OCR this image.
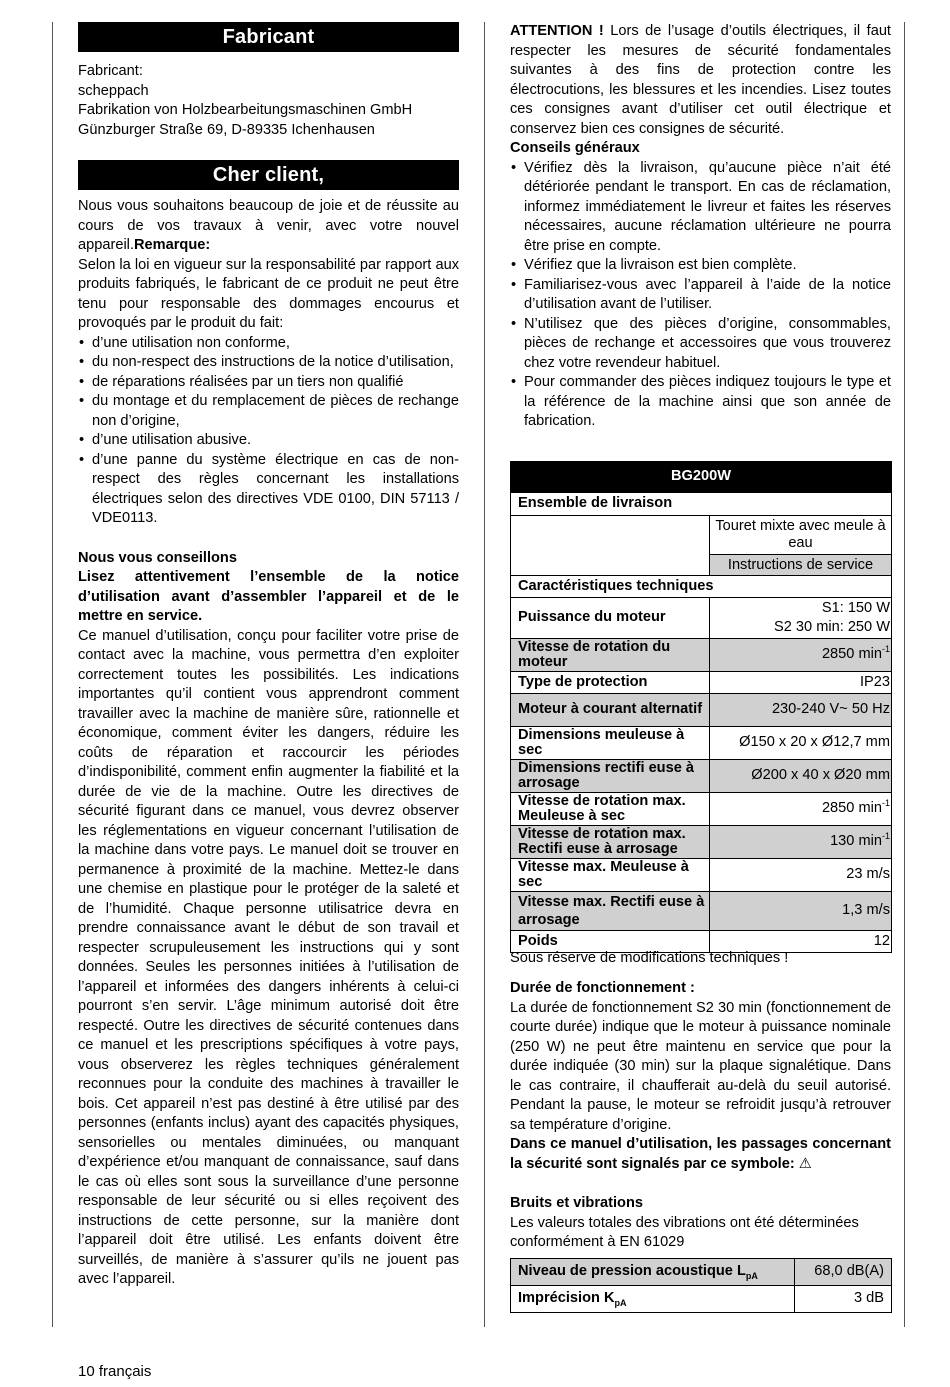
Fabricant
Fabricant:
scheppach
Fabrikation von Holzbearbeitungsmaschinen GmbH
Günzburger Straße 69, D-89335 Ichenhausen
Cher client,

Nous vous souhaitons beaucoup de joie et de réussite au cours de vos travaux à venir, avec votre nouvel appareil.Remarque:

Selon la loi en vigueur sur la responsabilité par rapport aux produits fabriqués, le fabricant de ce produit ne peut être tenu pour responsable des dommages encourus et provoqués par le produit du fait:

• d’une utilisation non conforme,
• du non-respect des instructions de la notice d’utilisation,
• de réparations réalisées par un tiers non qualifié
• du montage et du remplacement de pièces de rechange non d’origine,
• d’une utilisation abusive.
• d’une panne du système électrique en cas de non-respect des règles concernant les installations électriques selon des directives VDE 0100, DIN 57113 / VDE0113.

Nous vous conseillons

Lisez attentivement l’ensemble de la notice d’utilisation avant d’assembler l’appareil et de le mettre en service.

Ce manuel d’utilisation, conçu pour faciliter votre prise de contact avec la machine, vous permettra d’en exploiter correctement toutes les possibilités. Les indications importantes qu’il contient vous apprendront comment travailler avec la machine de manière sûre, rationnelle et économique, comment éviter les dangers, réduire les coûts de réparation et raccourcir les périodes d’indisponibilité, comment enfin augmenter la fiabilité et la durée de vie de la machine. Outre les directives de sécurité figurant dans ce manuel, vous devrez observer les réglementations en vigueur concernant l’utilisation de la machine dans votre pays. Le manuel doit se trouver en permanence à proximité de la machine. Mettez-le dans une chemise en plastique pour le protéger de la saleté et de l’humidité. Chaque personne utilisatrice devra en prendre connaissance avant le début de son travail et respecter scrupuleusement les instructions qui y sont données. Seules les personnes initiées à l’utilisation de l’appareil et informées des dangers inhérents à celui-ci pourront s’en servir. L’âge minimum autorisé doit être respecté. Outre les directives de sécurité contenues dans ce manuel et les prescriptions spécifiques à votre pays, vous observerez les règles techniques généralement reconnues pour la conduite des machines à travailler le bois. Cet appareil n’est pas destiné à être utilisé par des personnes (enfants inclus) ayant des capacités physiques, sensorielles ou mentales diminuées, ou manquant d’expérience et/ou manquant de connaissance, sauf dans le cas où elles sont sous la surveillance d’une personne responsable de leur sécurité ou si elles reçoivent des instructions de cette personne, sur la manière dont l’appareil doit être utilisé. Les enfants doivent être surveillés, de manière à s’assurer qu’ils ne jouent pas avec l’appareil.

ATTENTION ! Lors de l’usage d’outils électriques, il faut respecter les mesures de sécurité fondamentales suivantes à des fins de protection contre les électrocutions, les blessures et les incendies. Lisez toutes ces consignes avant d’utiliser cet outil électrique et conservez bien ces consignes de sécurité.

Conseils généraux

• Vérifiez dès la livraison, qu’aucune pièce n’ait été détériorée pendant le transport. En cas de réclamation, informez immédiatement le livreur et faites les réserves nécessaires, aucune réclamation ultérieure ne pourra être prise en compte.
• Vérifiez que la livraison est bien complète.
• Familiarisez-vous avec l’appareil à l’aide de la notice d’utilisation avant de l’utiliser.
• N’utilisez que des pièces d’origine, consommables, pièces de rechange et accessoires que vous trouverez chez votre revendeur habituel.
• Pour commander des pièces indiquez toujours le type et la référence de la machine ainsi que son année de fabrication.
BG200W	
Ensemble de livraison	
	Touret mixte avec meule à eau
	Instructions de service
Caractéristiques techniques	
Puissance du moteur	S1: 150 W
S2 30 min: 250 W

Vitesse de rotation du moteur	2850 $\min^{-1}$
Type de protection	IP23
Moteur à courant alternatif	230-240 V~ 50 Hz
Dimensions meuleuse à sec	Ø150 x 20 x Ø12,7 mm
Dimensions rectifi euse à arrosage	Ø200 x 40 x Ø20 mm
Vitesse de rotation max. Meuleuse à sec	2850 $\min^{-1}$
Vitesse de rotation max. Rectifi euse à arrosage	130 $\min^{-1}$
Vitesse max. Meuleuse à sec	23 m/s
Vitesse max. Rectifi euse à arrosage	1,3 m/s
Poids	12

Sous réserve de modifications techniques !

Durée de fonctionnement :

La durée de fonctionnement S2 30 min (fonctionnement de courte durée) indique que le moteur à puissance nominale (250 W) ne peut être maintenu en service que pour la durée indiquée (30 min) sur la plaque signalétique. Dans le cas contraire, il chaufferait au-delà du seuil autorisé. Pendant la pause, le moteur se refroidit jusqu’à retrouver sa température d’origine.

Dans ce manuel d’utilisation, les passages concernant la sécurité sont signalés par ce symbole: ⚠

Bruits et vibrations

Les valeurs totales des vibrations ont été déterminées conformément à EN 61029

Niveau de pression acoustique $L_{pA}$	68,0 dB(A)
Imprécision $K_{pA}$	3 dB
10 français
